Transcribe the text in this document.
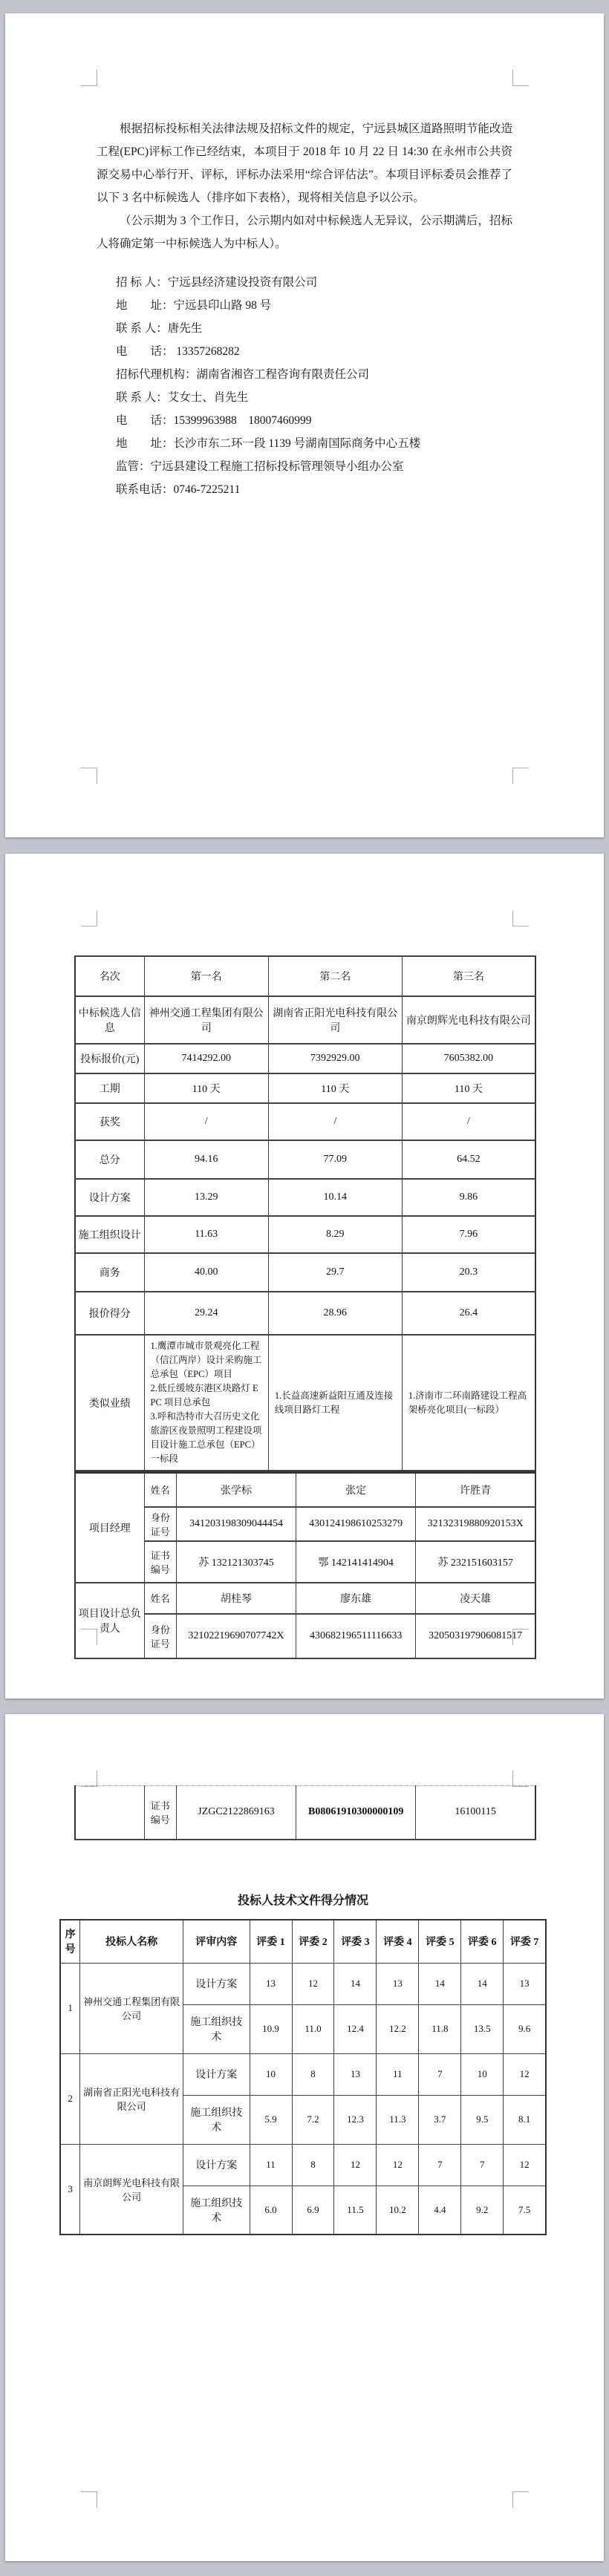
根据招标投标相关法律法规及招标文件的规定，宁远县城区道路照明节能改造工程(EPC)评标工作已经结束，本项目于 2018 年 10 月 22 日 14:30 在永州市公共资源交易中心举行开、评标，评标办法采用“综合评估法”。本项目评标委员会推荐了以下 3 名中标候选人（排序如下表格），现将相关信息予以公示。

（公示期为 3 个工作日，公示期内如对中标候选人无异议，公示期满后，招标人将确定第一中标候选人为中标人）。

招 标 人：宁远县经济建设投资有限公司
地　　址：宁远县印山路 98 号
联 系 人：唐先生
电　　话： 13357268282
招标代理机构：湖南省湘咨工程咨询有限责任公司
联 系 人：艾女士、肖先生
电　　话：15399963988　18007460999
地　　址：长沙市东二环一段 1139 号湖南国际商务中心五楼
监管：宁远县建设工程施工招标投标管理领导小组办公室
联系电话：0746-7225211
名次	第一名	第二名	第三名
中标候选人信息	神州交通工程集团有限公司	湖南省正阳光电科技有限公司	南京朗辉光电科技有限公司
投标报价(元)	7414292.00	7392929.00	7605382.00
工期	110 天	110 天	110 天
获奖	/	/	/
总分	94.16	77.09	64.52
设计方案	13.29	10.14	9.86
施工组织设计	11.63	8.29	7.96
商务	40.00	29.7	20.3
报价得分	29.24	28.96	26.4
类似业绩	1.鹰潭市城市景观亮化工程（信江两岸）设计采购施工总承包（EPC）项目
2.低丘缓坡东港区块路灯 EPC 项目总承包
3.呼和浩特市大召历史文化旅游区夜景照明工程建设项目设计施工总承包（EPC）一标段	1.长益高速新益阳互通及连接线项目路灯工程	1.济南市二环南路建设工程高架桥亮化项目(一标段）
项目经理	姓名	张学标	张定	许胜青
	身份证号	341203198309044454	430124198610253279	32132319880920153X
	证书编号	苏 132121303745	鄂 142141414904	苏 232151603157
项目设计总负责人	姓名	胡桂琴	廖东雄	凌天雄
	身份证号	32102219690707742X	430682196511116633	320503197906081517
	证书编号	JZGC2122869163	B08061910300000109	16100115
投标人技术文件得分情况
序号	投标人名称	评审内容	评委 1	评委 2	评委 3	评委 4	评委 5	评委 6	评委 7
1	神州交通工程集团有限公司	设计方案	13	12	14	13	14	14	13
		施工组织技术	10.9	11.0	12.4	12.2	11.8	13.5	9.6
2	湖南省正阳光电科技有限公司	设计方案	10	8	13	11	7	10	12
		施工组织技术	5.9	7.2	12.3	11.3	3.7	9.5	8.1
3	南京朗辉光电科技有限公司	设计方案	11	8	12	12	7	7	12
		施工组织技术	6.0	6.9	11.5	10.2	4.4	9.2	7.5
